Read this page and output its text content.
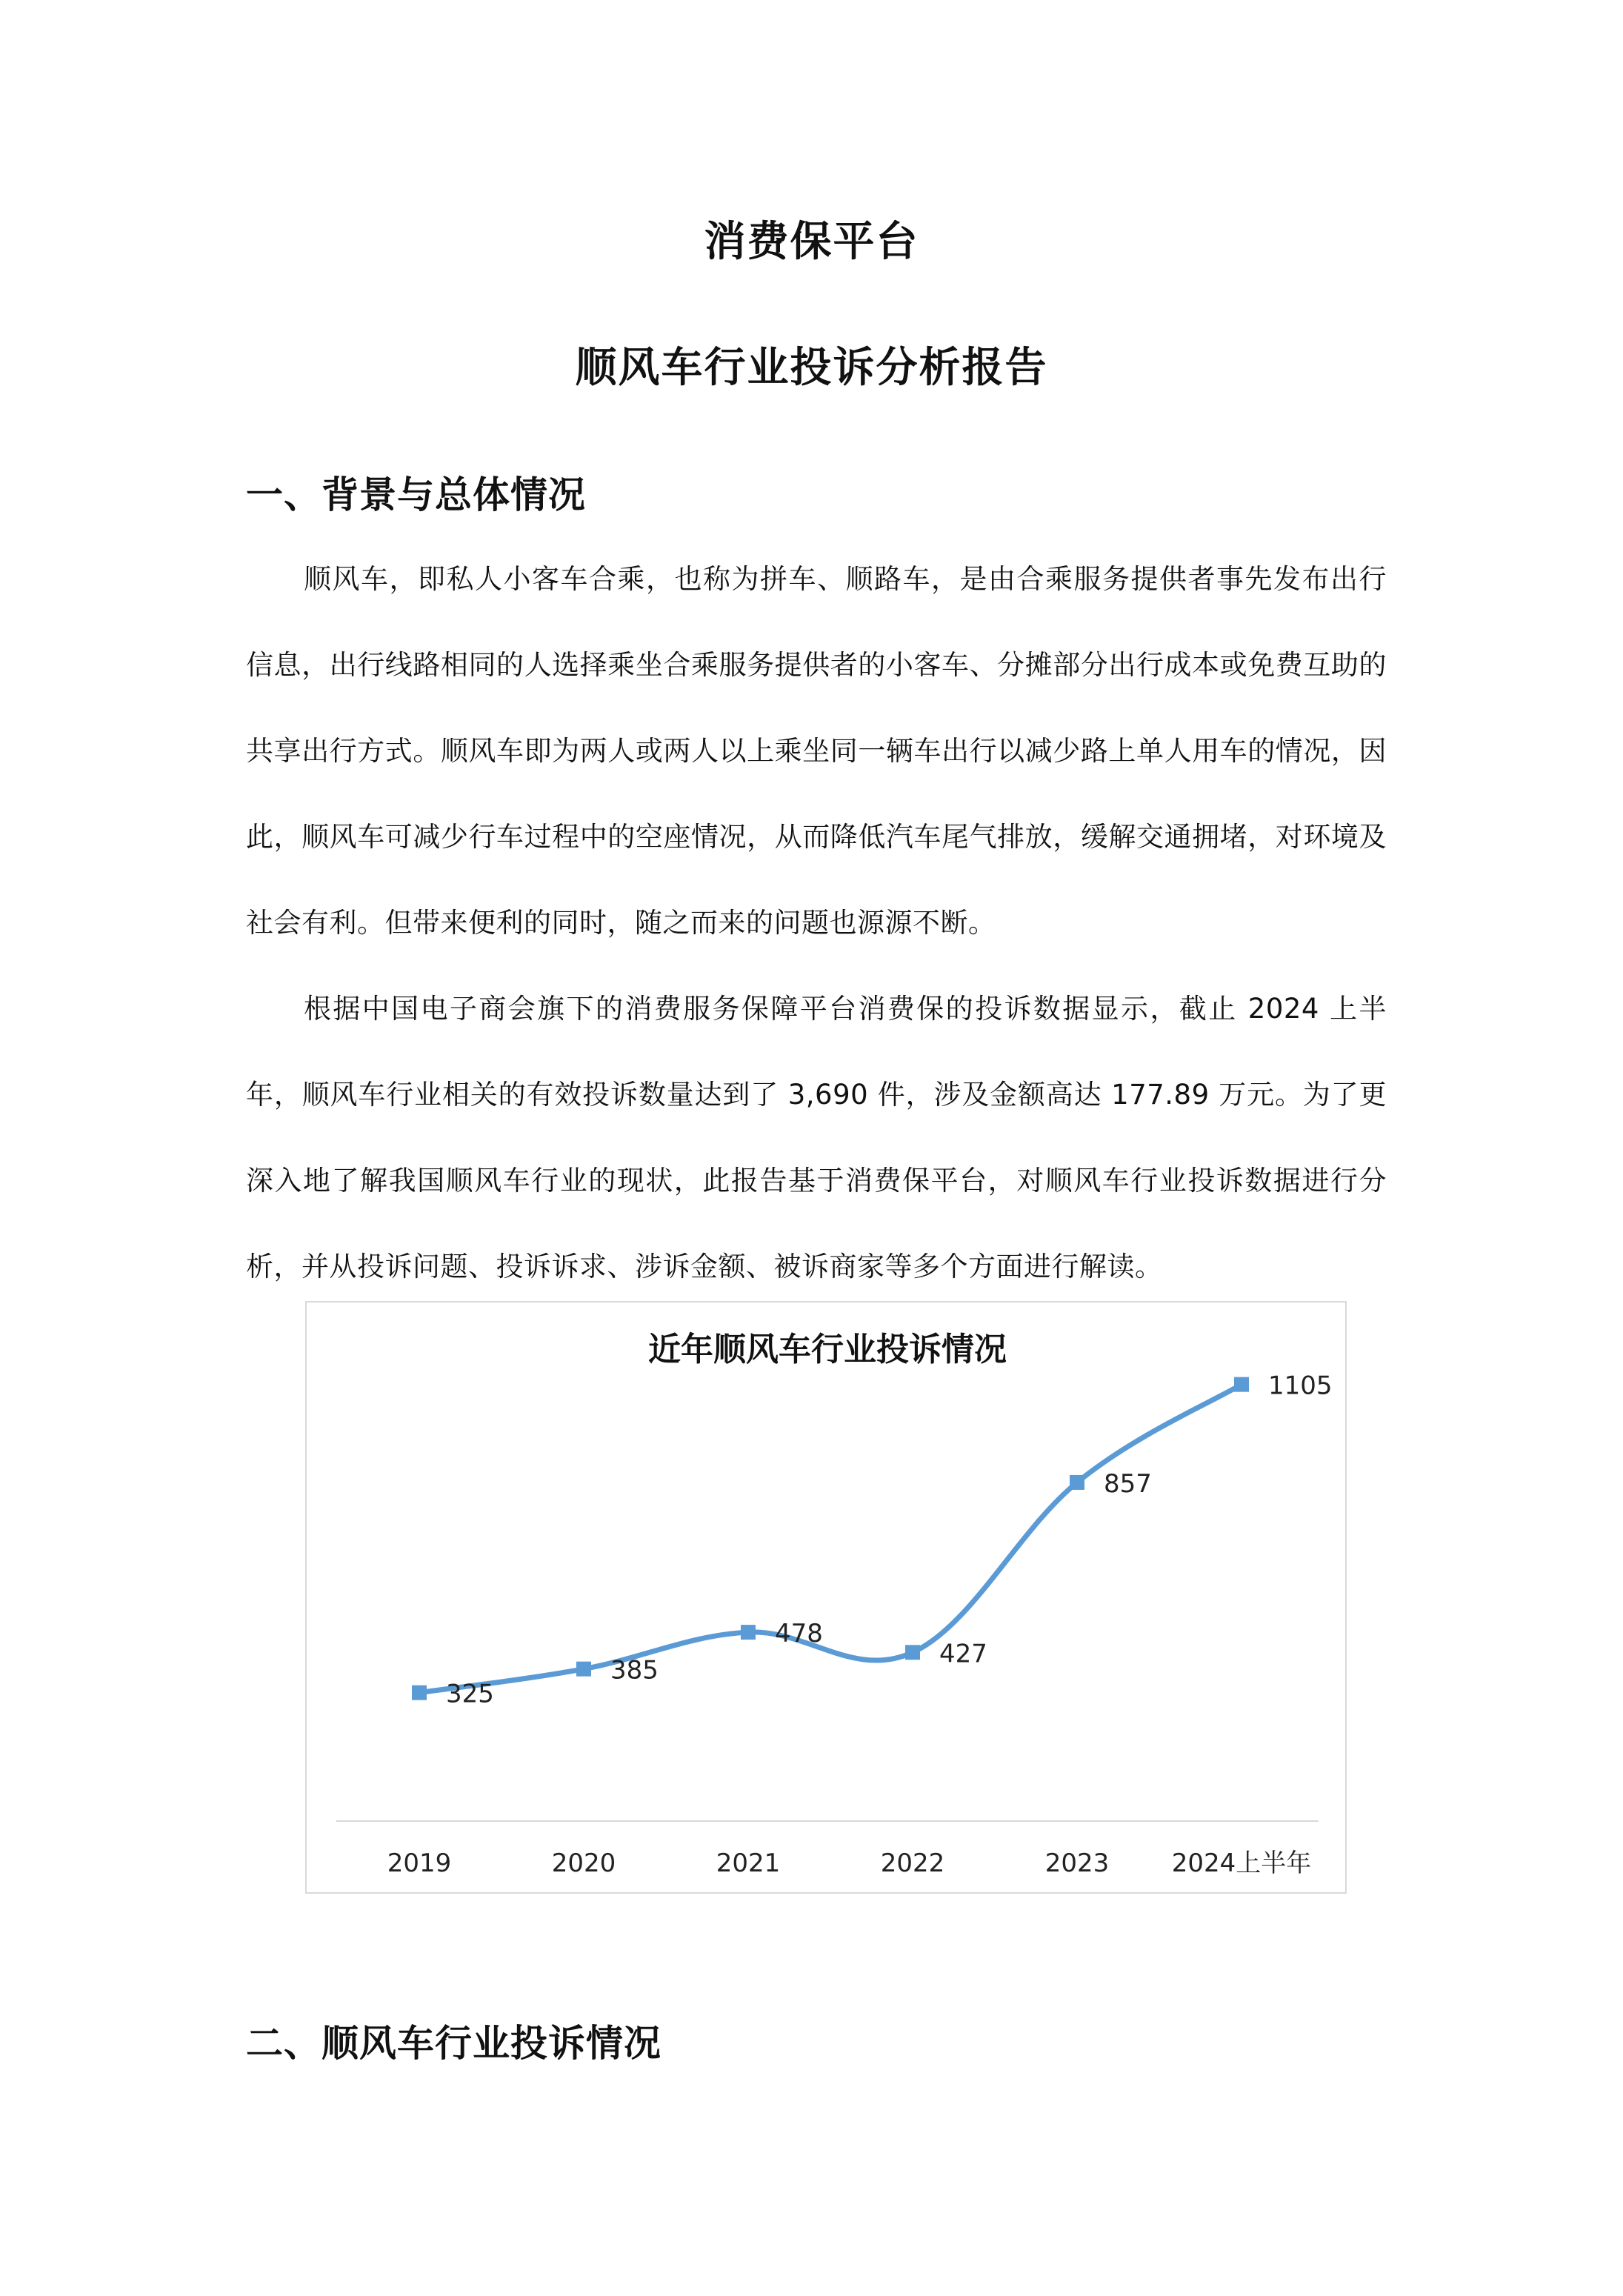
消费保平台
顺风车行业投诉分析报告
一、背景与总体情况

顺风车，即私人小客车合乘，也称为拼车、顺路车，是由合乘服务提供者事先发布出行信息，出行线路相同的人选择乘坐合乘服务提供者的小客车、分摊部分出行成本或免费互助的共享出行方式。顺风车即为两人或两人以上乘坐同一辆车出行以减少路上单人用车的情况，因此，顺风车可减少行车过程中的空座情况，从而降低汽车尾气排放，缓解交通拥堵，对环境及社会有利。但带来便利的同时，随之而来的问题也源源不断。

根据中国电子商会旗下的消费服务保障平台消费保的投诉数据显示，截止 2024 上半年，顺风车行业相关的有效投诉数量达到了 3,690 件，涉及金额高达 177.89 万元。为了更深入地了解我国顺风车行业的现状，此报告基于消费保平台，对顺风车行业投诉数据进行分析，并从投诉问题、投诉诉求、涉诉金额、被诉商家等多个方面进行解读。

近年顺风车行业投诉情况
325
2019
385
2020
478
2021
427
2022
857
2023
1105
2024上半年
二、顺风车行业投诉情况
